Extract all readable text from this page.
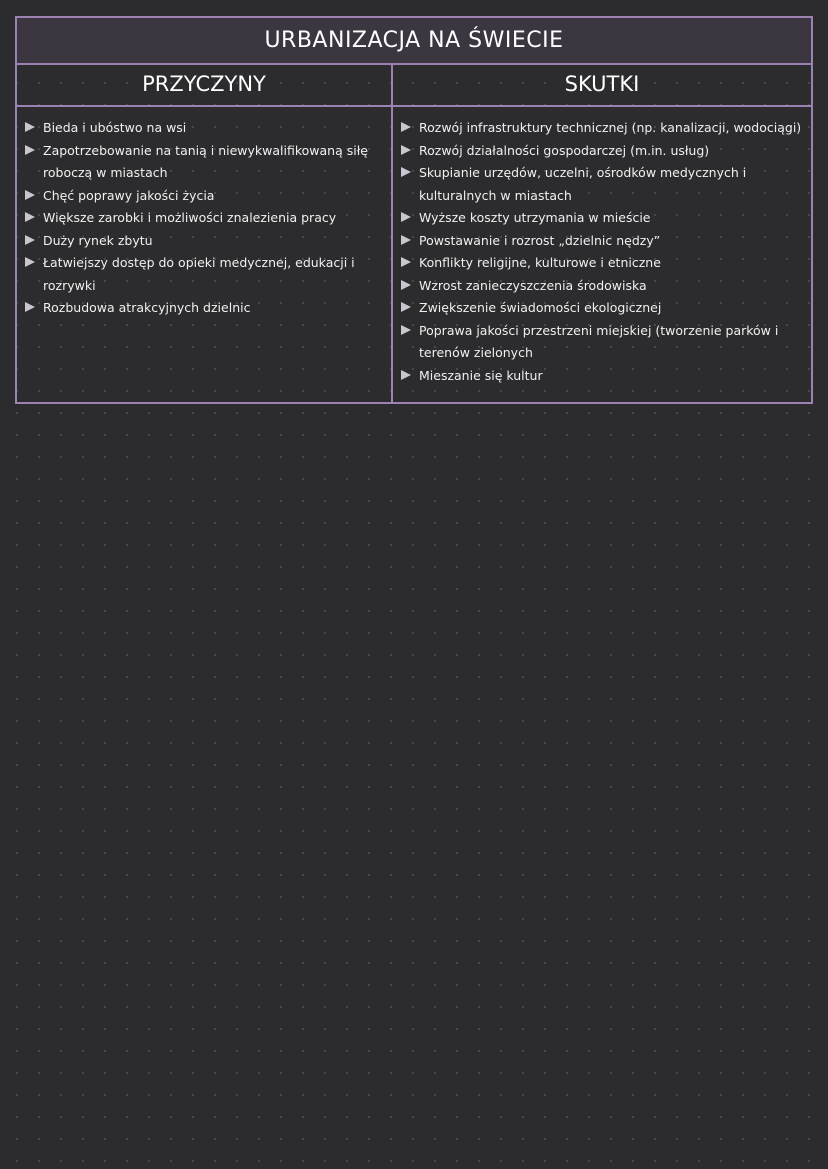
URBANIZACJA NA ŚWIECIE
PRZYCZYNY
Bieda i ubóstwo na wsi
Zapotrzebowanie na tanią i niewykwalifikowaną siłę roboczą w miastach
Chęć poprawy jakości życia
Większe zarobki i możliwości znalezienia pracy
Duży rynek zbytu
Łatwiejszy dostęp do opieki medycznej, edukacji i rozrywki
Rozbudowa atrakcyjnych dzielnic
SKUTKI
Rozwój infrastruktury technicznej (np. kanalizacji, wodociągi)
Rozwój działalności gospodarczej (m.in. usług)
Skupianie urzędów, uczelni, ośrodków medycznych i kulturalnych w miastach
Wyższe koszty utrzymania w mieście
Powstawanie i rozrost „dzielnic nędzy”
Konflikty religijne, kulturowe i etniczne
Wzrost zanieczyszczenia środowiska
Zwiększenie świadomości ekologicznej
Poprawa jakości przestrzeni miejskiej (tworzenie parków i terenów zielonych
Mieszanie się kultur
